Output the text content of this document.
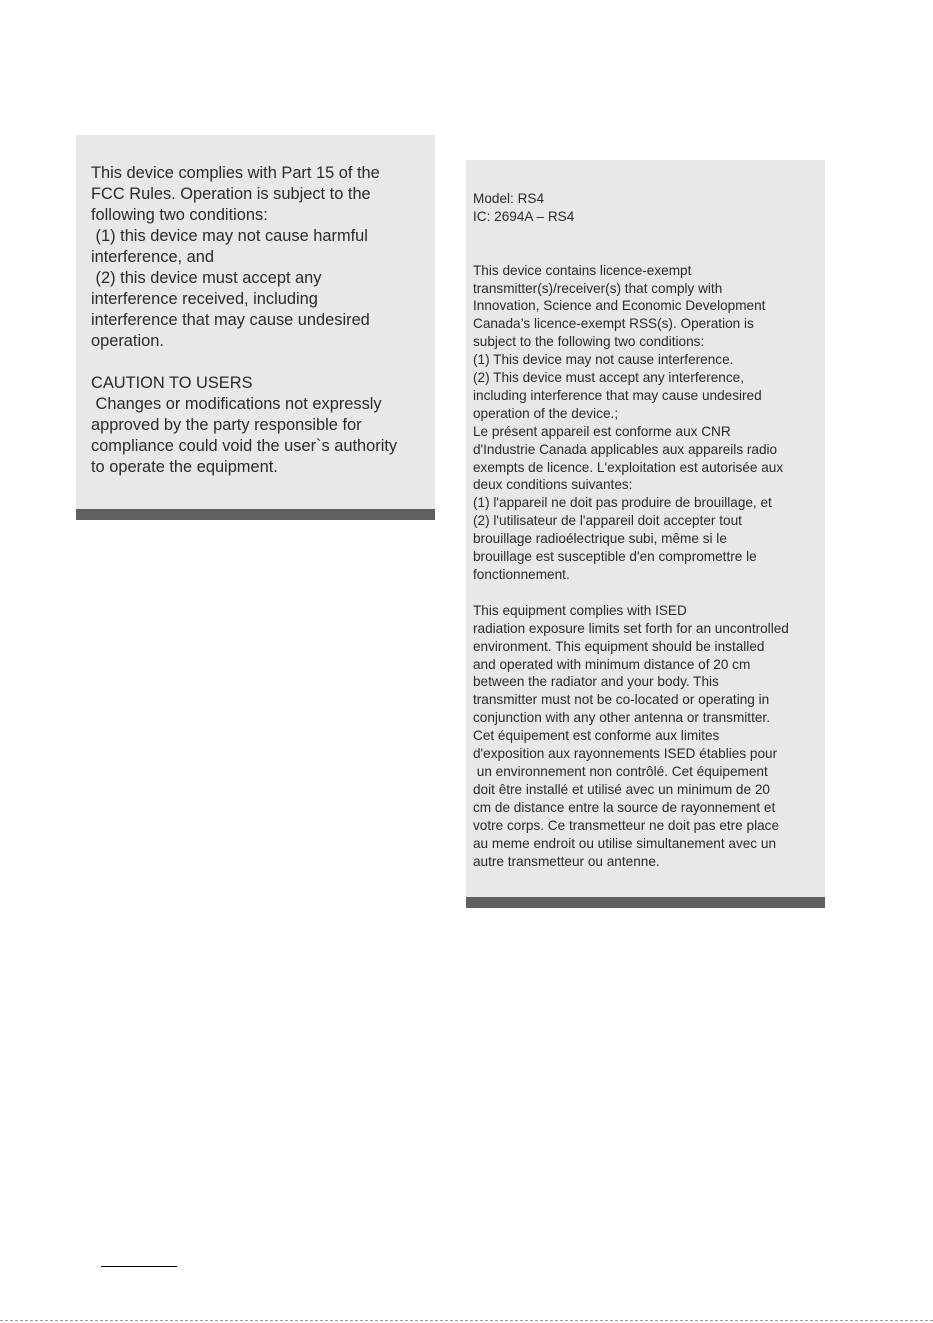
This device complies with Part 15 of the

FCC Rules. Operation is subject to the

following two conditions:

(1) this device may not cause harmful

interference, and

(2) this device must accept any

interference received, including

interference that may cause undesired

operation.

CAUTION TO USERS

Changes or modifications not expressly

approved by the party responsible for

compliance could void the user`s authority

to operate the equipment.

Model: RS4

IC: 2694A – RS4

This device contains licence-exempt

transmitter(s)/receiver(s) that comply with

Innovation, Science and Economic Development

Canada’s licence-exempt RSS(s). Operation is

subject to the following two conditions:

(1) This device may not cause interference.

(2) This device must accept any interference,

including interference that may cause undesired

operation of the device.;

Le présent appareil est conforme aux CNR

d'Industrie Canada applicables aux appareils radio

exempts de licence. L'exploitation est autorisée aux

deux conditions suivantes:

(1) l'appareil ne doit pas produire de brouillage, et

(2) l'utilisateur de l'appareil doit accepter tout

brouillage radioélectrique subi, même si le

brouillage est susceptible d'en compromettre le

fonctionnement.

This equipment complies with ISED

radiation exposure limits set forth for an uncontrolled

environment. This equipment should be installed

and operated with minimum distance of 20 cm

between the radiator and your body. This

transmitter must not be co-located or operating in

conjunction with any other antenna or transmitter.

Cet équipement est conforme aux limites

d'exposition aux rayonnements ISED établies pour

un environnement non contrôlé. Cet équipement

doit être installé et utilisé avec un minimum de 20

cm de distance entre la source de rayonnement et

votre corps. Ce transmetteur ne doit pas etre place

au meme endroit ou utilise simultanement avec un

autre transmetteur ou antenne.
